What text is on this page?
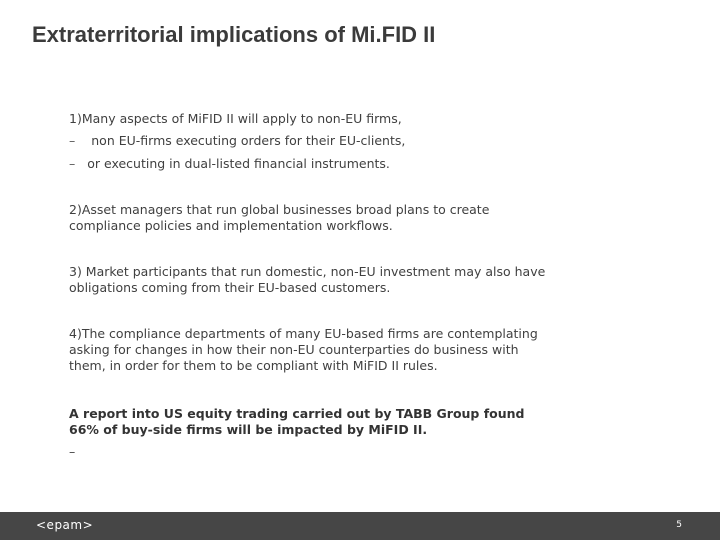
Extraterritorial implications of Mi.FID II

1)Many aspects of MiFID II will apply to non-EU firms,

– non EU-firms executing orders for their EU-clients,

– or executing in dual-listed financial instruments.

2)Asset managers that run global businesses broad plans to create compliance policies and implementation workflows.

3) Market participants that run domestic, non-EU investment may also have obligations coming from their EU-based customers.

4)The compliance departments of many EU-based firms are contemplating asking for changes in how their non-EU counterparties do business with them, in order for them to be compliant with MiFID II rules.

A report into US equity trading carried out by TABB Group found 66% of buy-side firms will be impacted by MiFID II.

–

<epam>	5
